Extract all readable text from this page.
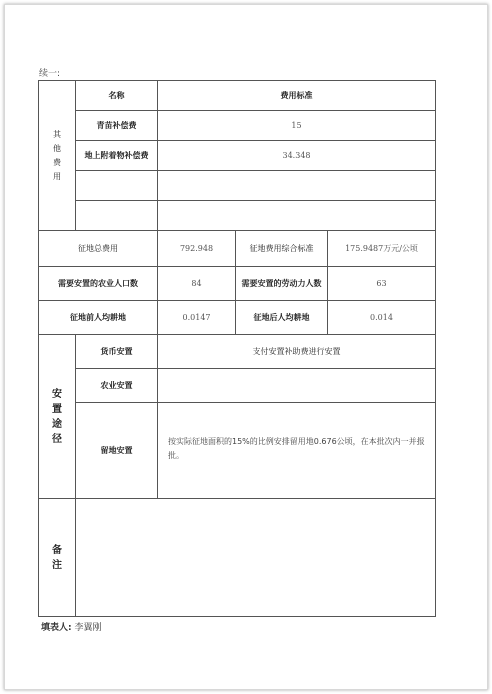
续一:
其
他
费
用	名称	费用标准		
	青苗补偿费	15		
	地上附着物补偿费	34.348		

征地总费用		792.948	征地费用综合标准	175.9487万元/公顷
需要安置的农业人口数		84	需要安置的劳动力人数	63
征地前人均耕地		0.0147	征地后人均耕地	0.014

安
置
途
径	货币安置	支付安置补助费进行安置		
	农业安置			
	留地安置	按实际征地面积的15%的比例安排留用地0.676公顷，在本批次内一并报批。		

备
注				

填表人: 李翼刚
